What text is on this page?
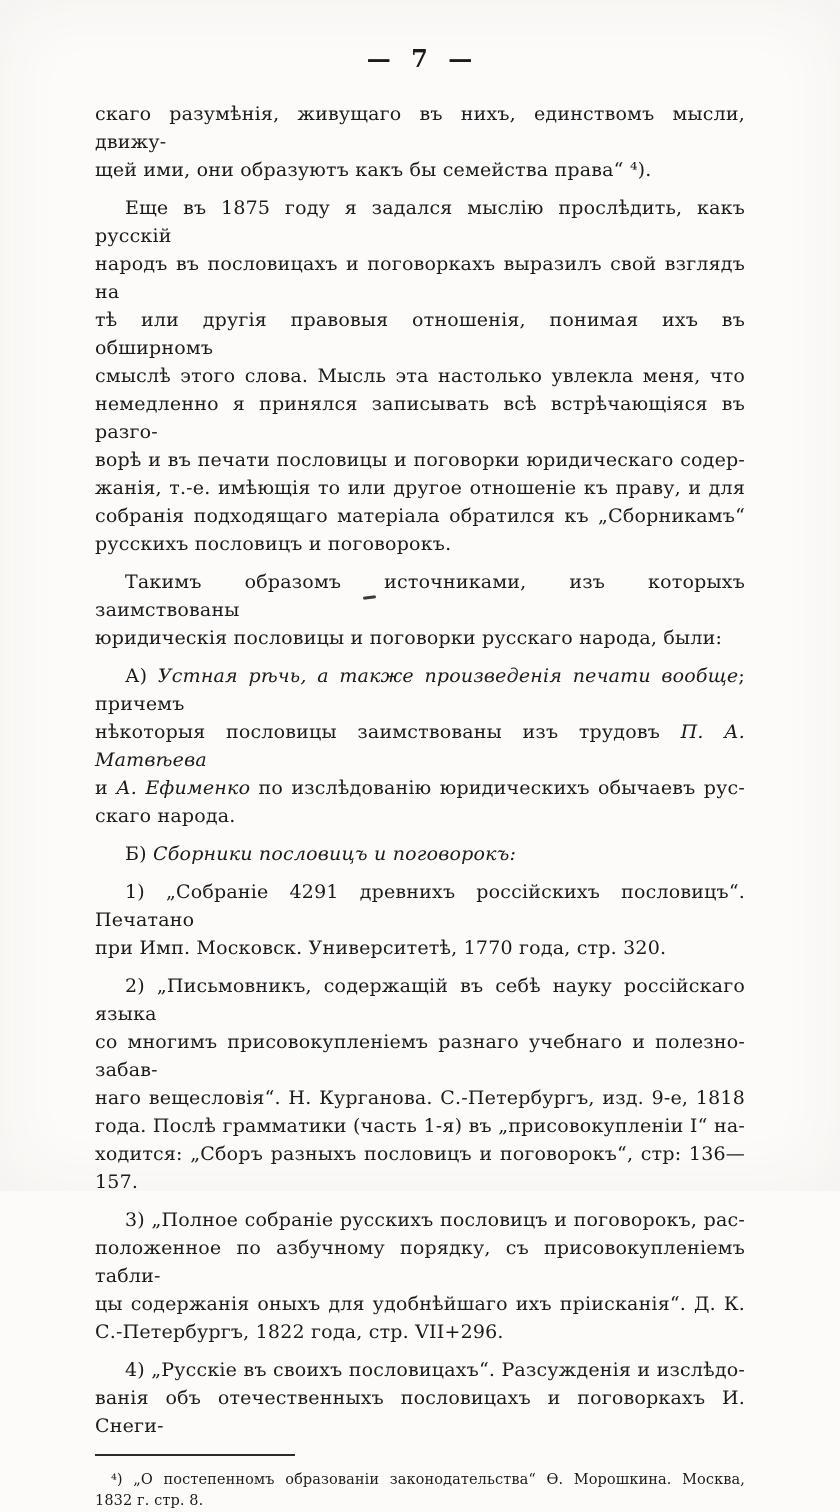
— 7 —
скаго разумѣнія, живущаго въ нихъ, единствомъ мысли, движу-
щей ими, они образуютъ какъ бы семейства права“ ⁴).
Еще въ 1875 году я задался мыслію прослѣдить, какъ русскій
народъ въ пословицахъ и поговоркахъ выразилъ свой взглядъ на
тѣ или другія правовыя отношенія, понимая ихъ въ обширномъ
смыслѣ этого слова. Мысль эта настолько увлекла меня, что
немедленно я принялся записывать всѣ встрѣчающіяся въ разго-
ворѣ и въ печати пословицы и поговорки юридическаго содер-
жанія, т.-е. имѣющія то или другое отношеніе къ праву, и для
собранія подходящаго матеріала обратился къ „Сборникамъ“
русскихъ пословицъ и поговорокъ.
Такимъ образомъ источниками, изъ которыхъ заимствованы
юридическія пословицы и поговорки русскаго народа, были:
А) Устная рѣчь, а также произведенія печати вообще; причемъ
нѣкоторыя пословицы заимствованы изъ трудовъ П. А. Матвѣева
и А. Ефименко по изслѣдованію юридическихъ обычаевъ рус-
скаго народа.
Б) Сборники пословицъ и поговорокъ:
1) „Собраніе 4291 древнихъ россійскихъ пословицъ“. Печатано
при Имп. Московск. Университетѣ, 1770 года, стр. 320.
2) „Письмовникъ, содержащій въ себѣ науку россійскаго языка
со многимъ присовокупленіемъ разнаго учебнаго и полезно-забав-
наго вещесловія“. Н. Курганова. С.-Петербургъ, изд. 9-е, 1818
года. Послѣ грамматики (часть 1-я) въ „присовокупленіи I“ на-
ходится: „Сборъ разныхъ пословицъ и поговорокъ“, стр: 136—157.
3) „Полное собраніе русскихъ пословицъ и поговорокъ, рас-
положенное по азбучному порядку, съ присовокупленіемъ табли-
цы содержанія оныхъ для удобнѣйшаго ихъ пріисканія“. Д. К.
С.-Петербургъ, 1822 года, стр. VII+296.
4) „Русскіе въ своихъ пословицахъ“. Разсужденія и изслѣдо-
ванія объ отечественныхъ пословицахъ и поговоркахъ И. Снеги-
⁴) „О постепенномъ образованіи законодательства“ Ѳ. Морошкина. Москва,
1832 г. стр. 8.
